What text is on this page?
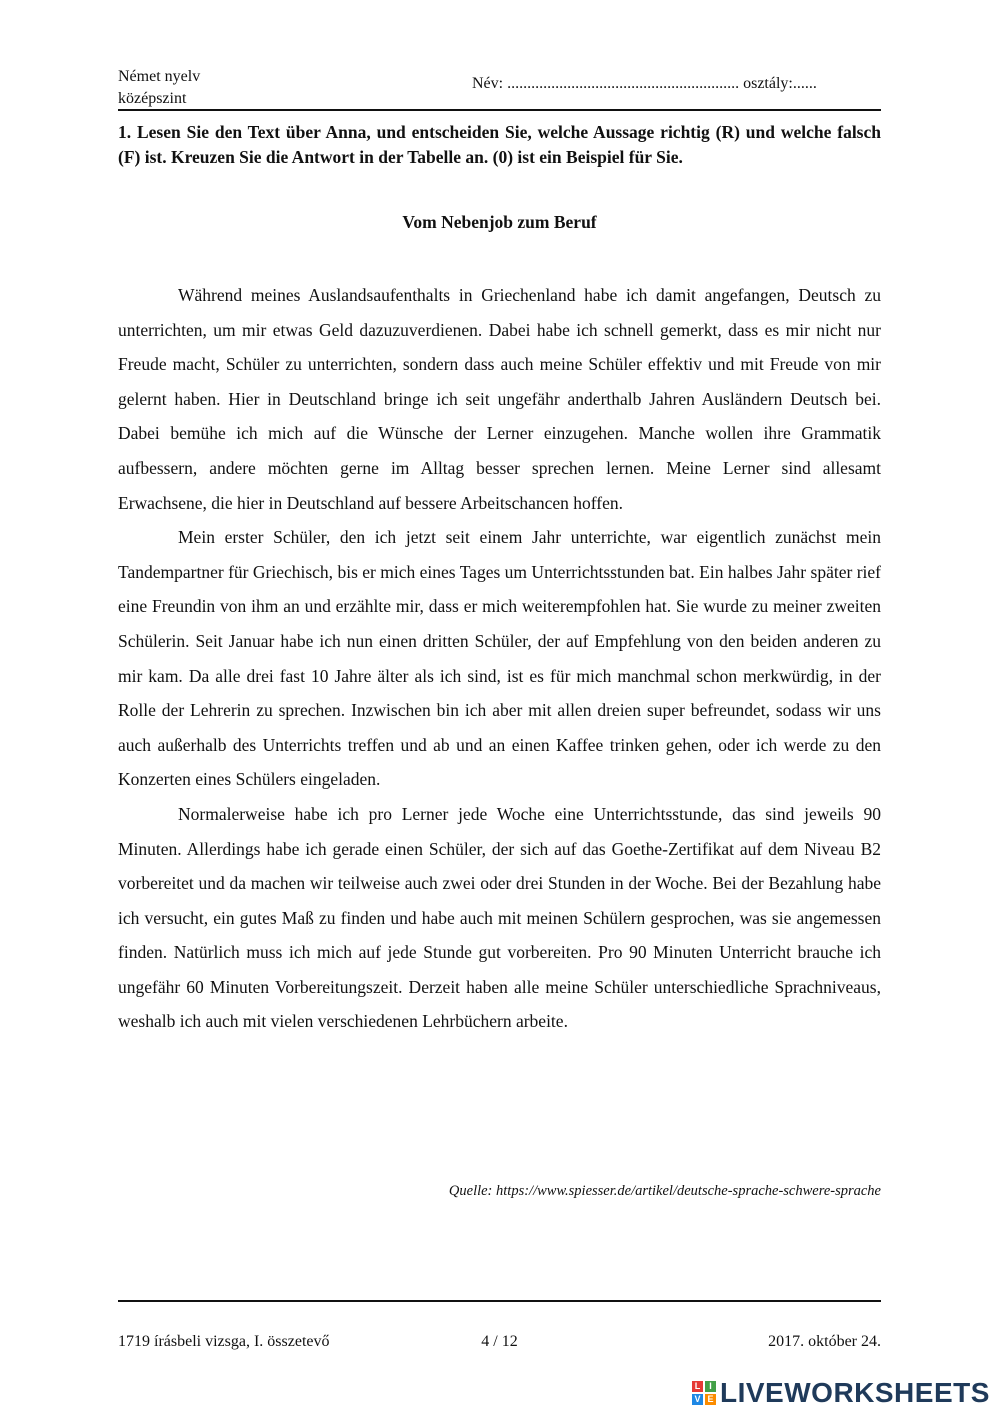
Német nyelv
középszint
Név: .......................................................... osztály:......
1. Lesen Sie den Text über Anna, und entscheiden Sie, welche Aussage richtig (R) und welche falsch (F) ist. Kreuzen Sie die Antwort in der Tabelle an. (0) ist ein Beispiel für Sie.
Vom Nebenjob zum Beruf

Während meines Auslandsaufenthalts in Griechenland habe ich damit angefangen, Deutsch zu unterrichten, um mir etwas Geld dazuzuverdienen. Dabei habe ich schnell gemerkt, dass es mir nicht nur Freude macht, Schüler zu unterrichten, sondern dass auch meine Schüler effektiv und mit Freude von mir gelernt haben. Hier in Deutschland bringe ich seit ungefähr anderthalb Jahren Ausländern Deutsch bei. Dabei bemühe ich mich auf die Wünsche der Lerner einzugehen. Manche wollen ihre Grammatik aufbessern, andere möchten gerne im Alltag besser sprechen lernen. Meine Lerner sind allesamt Erwachsene, die hier in Deutschland auf bessere Arbeitschancen hoffen.

Mein erster Schüler, den ich jetzt seit einem Jahr unterrichte, war eigentlich zunächst mein Tandempartner für Griechisch, bis er mich eines Tages um Unterrichtsstunden bat. Ein halbes Jahr später rief eine Freundin von ihm an und erzählte mir, dass er mich weiterempfohlen hat. Sie wurde zu meiner zweiten Schülerin. Seit Januar habe ich nun einen dritten Schüler, der auf Empfehlung von den beiden anderen zu mir kam. Da alle drei fast 10 Jahre älter als ich sind, ist es für mich manchmal schon merkwürdig, in der Rolle der Lehrerin zu sprechen. Inzwischen bin ich aber mit allen dreien super befreundet, sodass wir uns auch außerhalb des Unterrichts treffen und ab und an einen Kaffee trinken gehen, oder ich werde zu den Konzerten eines Schülers eingeladen.

Normalerweise habe ich pro Lerner jede Woche eine Unterrichtsstunde, das sind jeweils 90 Minuten. Allerdings habe ich gerade einen Schüler, der sich auf das Goethe-Zertifikat auf dem Niveau B2 vorbereitet und da machen wir teilweise auch zwei oder drei Stunden in der Woche. Bei der Bezahlung habe ich versucht, ein gutes Maß zu finden und habe auch mit meinen Schülern gesprochen, was sie angemessen finden. Natürlich muss ich mich auf jede Stunde gut vorbereiten. Pro 90 Minuten Unterricht brauche ich ungefähr 60 Minuten Vorbereitungszeit. Derzeit haben alle meine Schüler unterschiedliche Sprachniveaus, weshalb ich auch mit vielen verschiedenen Lehrbüchern arbeite.

Quelle: https://www.spiesser.de/artikel/deutsche-sprache-schwere-sprache
1719 írásbeli vizsga, I. összetevő	4 / 12	2017. október 24.
L I
V E LIVEWORKSHEETS
